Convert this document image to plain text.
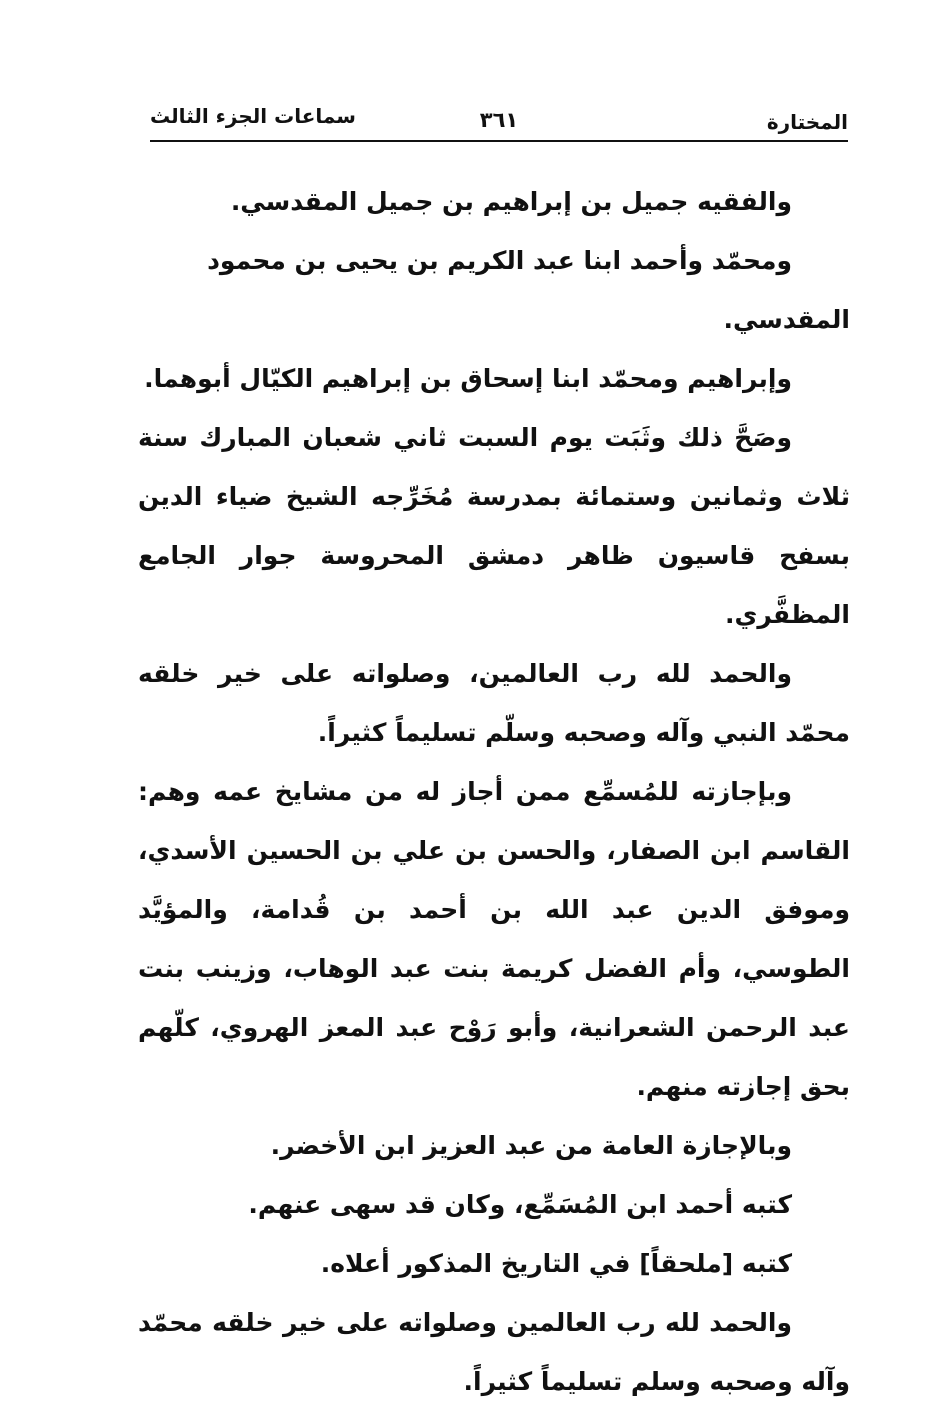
المختارة
٣٦١
سماعات الجزء الثالث

والفقيه جميل بن إبراهيم بن جميل المقدسي.

ومحمّد وأحمد ابنا عبد الكريم بن يحيى بن محمود المقدسي.

وإبراهيم ومحمّد ابنا إسحاق بن إبراهيم الكيّال أبوهما.

وصَحَّ ذلك وثَبَت يوم السبت ثاني شعبان المبارك سنة ثلاث وثمانين وستمائة بمدرسة مُخَرِّجه الشيخ ضياء الدين بسفح قاسيون ظاهر دمشق المحروسة جوار الجامع المظفَّري.

والحمد لله رب العالمين، وصلواته على خير خلقه محمّد النبي وآله وصحبه وسلّم تسليماً كثيراً.

وبإجازته للمُسمِّع ممن أجاز له من مشايخ عمه وهم: القاسم ابن الصفار، والحسن بن علي بن الحسين الأسدي، وموفق الدين عبد الله بن أحمد بن قُدامة، والمؤيَّد الطوسي، وأم الفضل كريمة بنت عبد الوهاب، وزينب بنت عبد الرحمن الشعرانية، وأبو رَوْح عبد المعز الهروي، كلّهم بحق إجازته منهم.

وبالإجازة العامة من عبد العزيز ابن الأخضر.

كتبه أحمد ابن المُسَمِّع، وكان قد سهى عنهم.

كتبه [ملحقاً] في التاريخ المذكور أعلاه.

والحمد لله رب العالمين وصلواته على خير خلقه محمّد وآله وصحبه وسلم تسليماً كثيراً.
